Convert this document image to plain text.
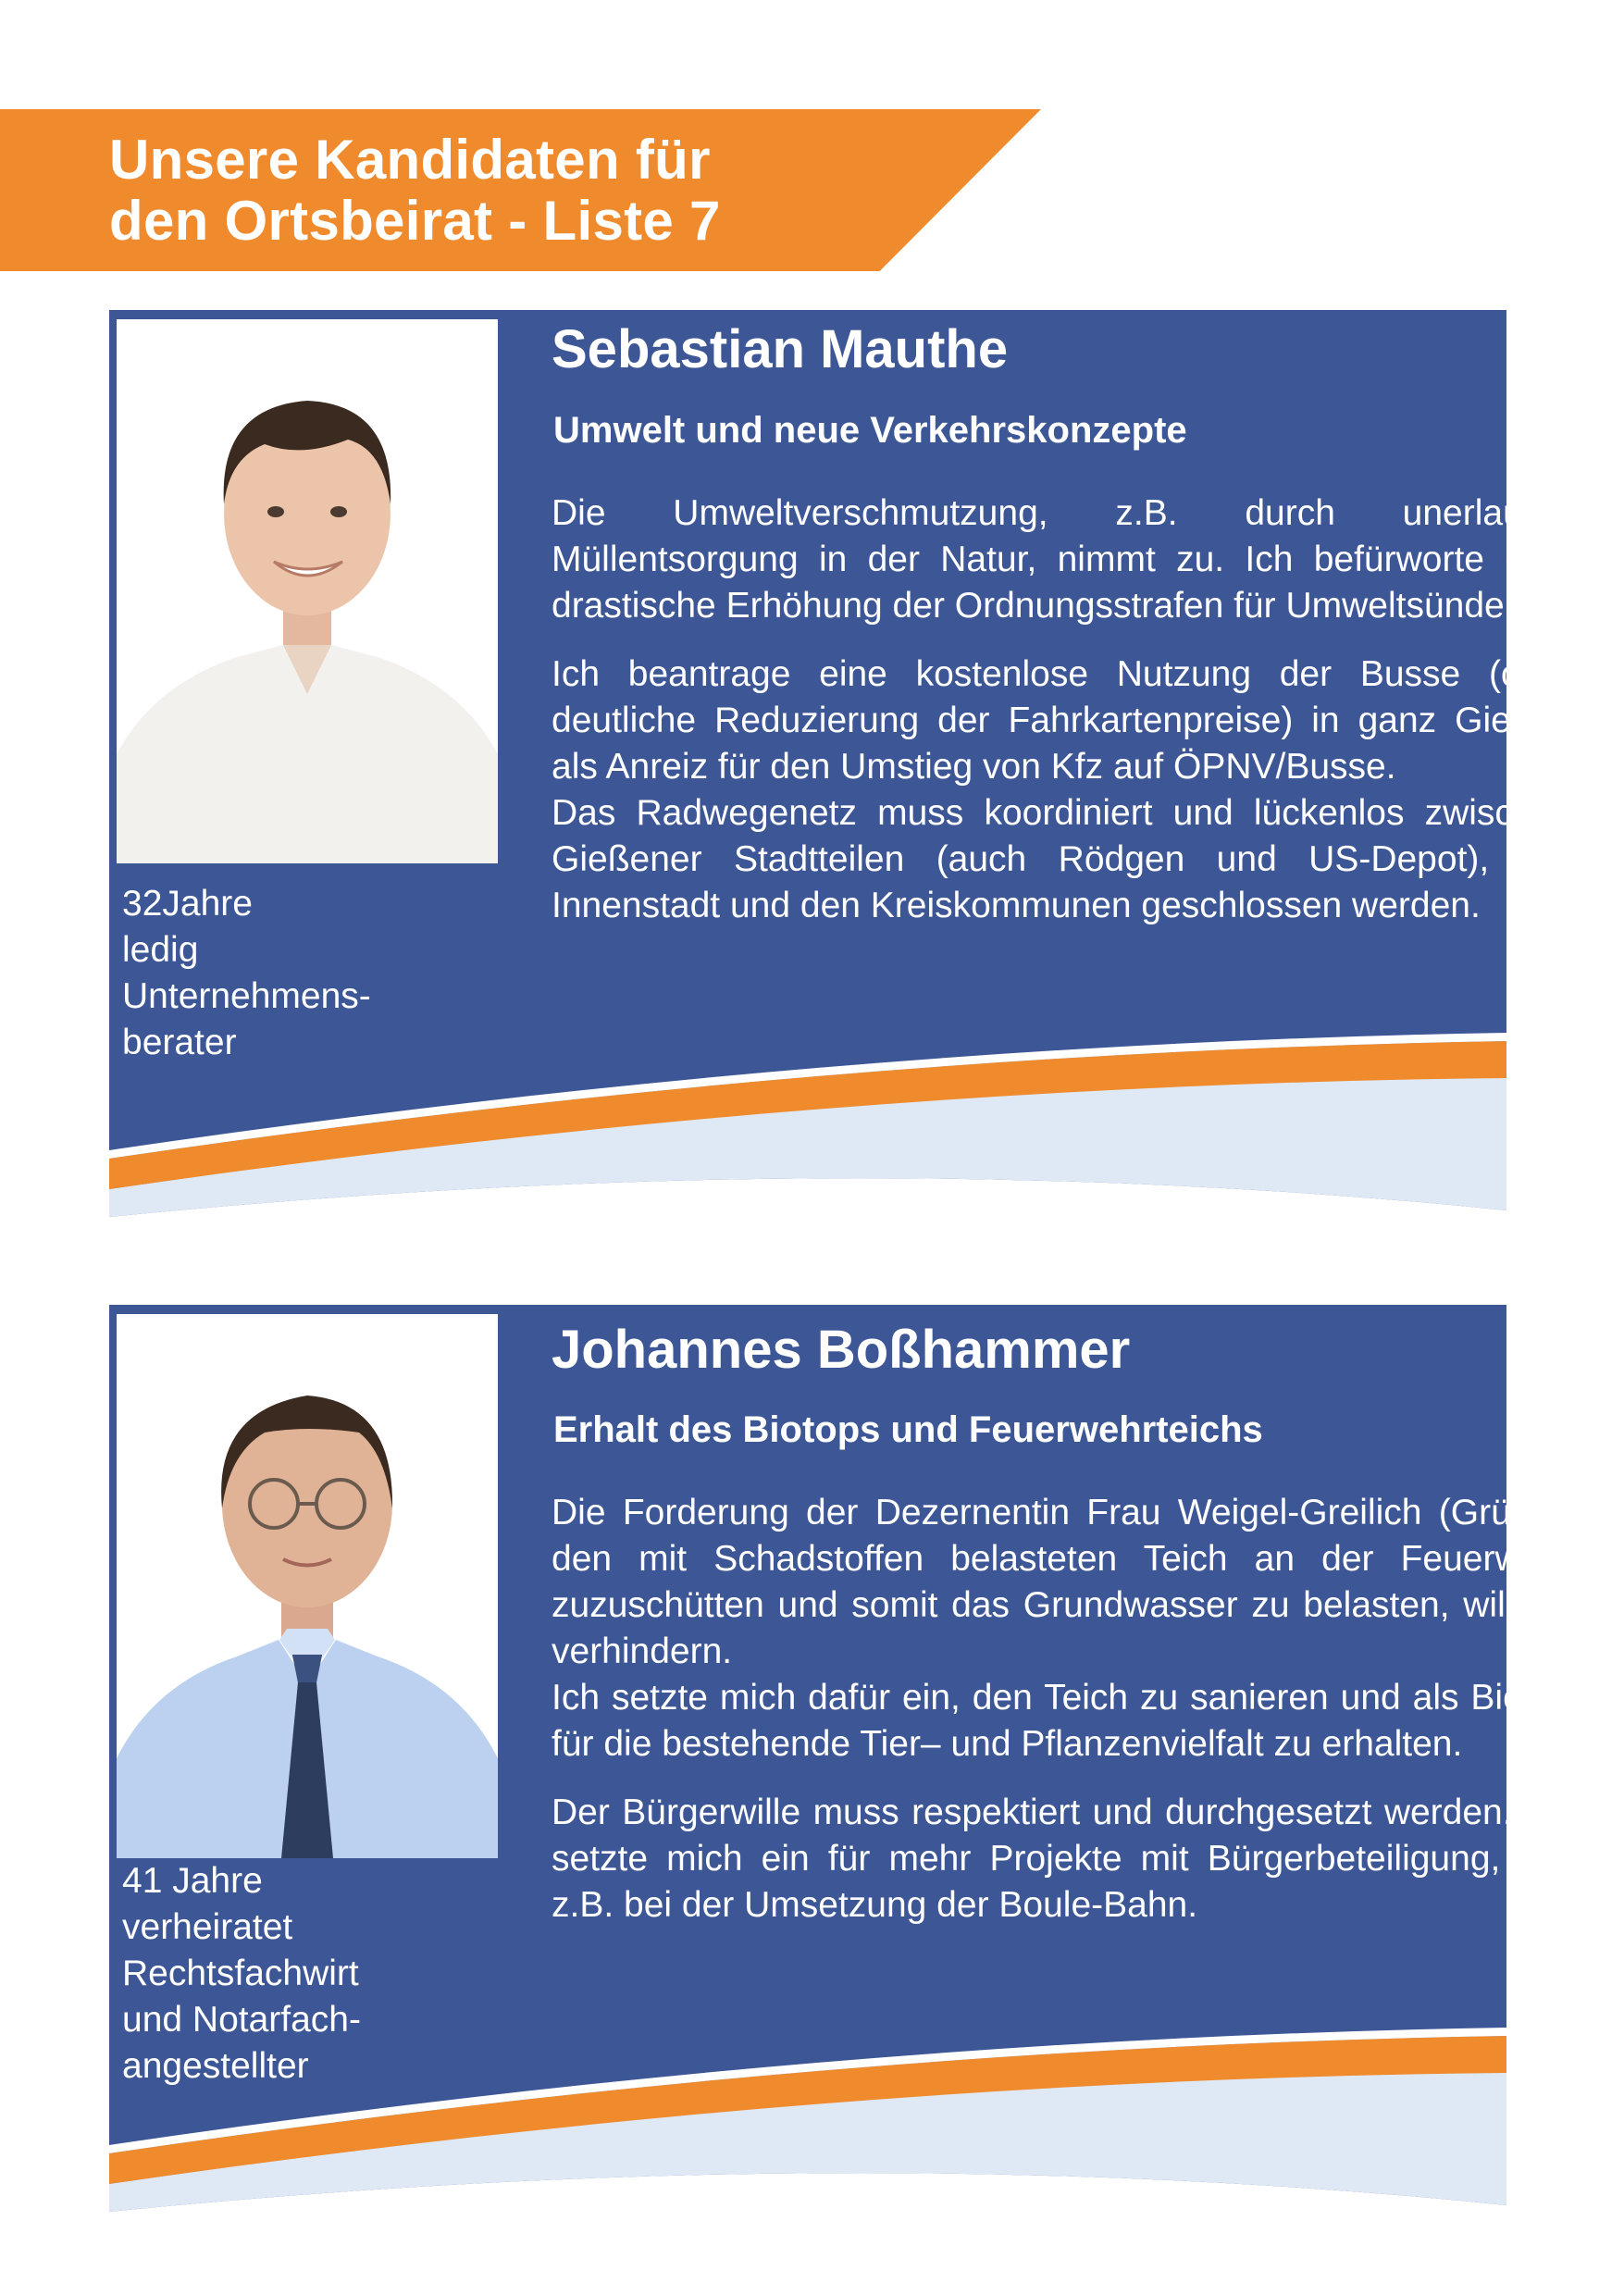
Unsere Kandidaten für
den Ortsbeirat - Liste 7
32Jahre
ledig
Unternehmens-
berater
Sebastian Mauthe
Umwelt und neue Verkehrskonzepte

Die Umweltverschmutzung, z.B. durch unerlaubte Müllentsorgung in der Natur, nimmt zu. Ich befürworte eine drastische Erhöhung der Ordnungsstrafen für Umweltsünder.

Ich beantrage eine kostenlose Nutzung der Busse (oder deutliche Reduzierung der Fahrkartenpreise) in ganz Gießen als Anreiz für den Umstieg von Kfz auf ÖPNV/Busse.

Das Radwegenetz muss koordiniert und lückenlos zwischen Gießener Stadtteilen (auch Rödgen und US-Depot), der Innenstadt und den Kreiskommunen geschlossen werden.

41 Jahre
verheiratet
Rechtsfachwirt
und Notarfach-
angestellter
Johannes Boßhammer
Erhalt des Biotops und Feuerwehrteichs

Die Forderung der Dezernentin Frau Weigel-Greilich (Grüne), den mit Schadstoffen belasteten Teich an der Feuerwehr zuzuschütten und somit das Grundwasser zu belasten, will ich verhindern.

Ich setzte mich dafür ein, den Teich zu sanieren und als Biotop für die bestehende Tier– und Pflanzenvielfalt zu erhalten.

Der Bürgerwille muss respektiert und durchgesetzt werden. Ich setzte mich ein für mehr Projekte mit Bürgerbeteiligung, wie z.B. bei der Umsetzung der Boule-Bahn.
